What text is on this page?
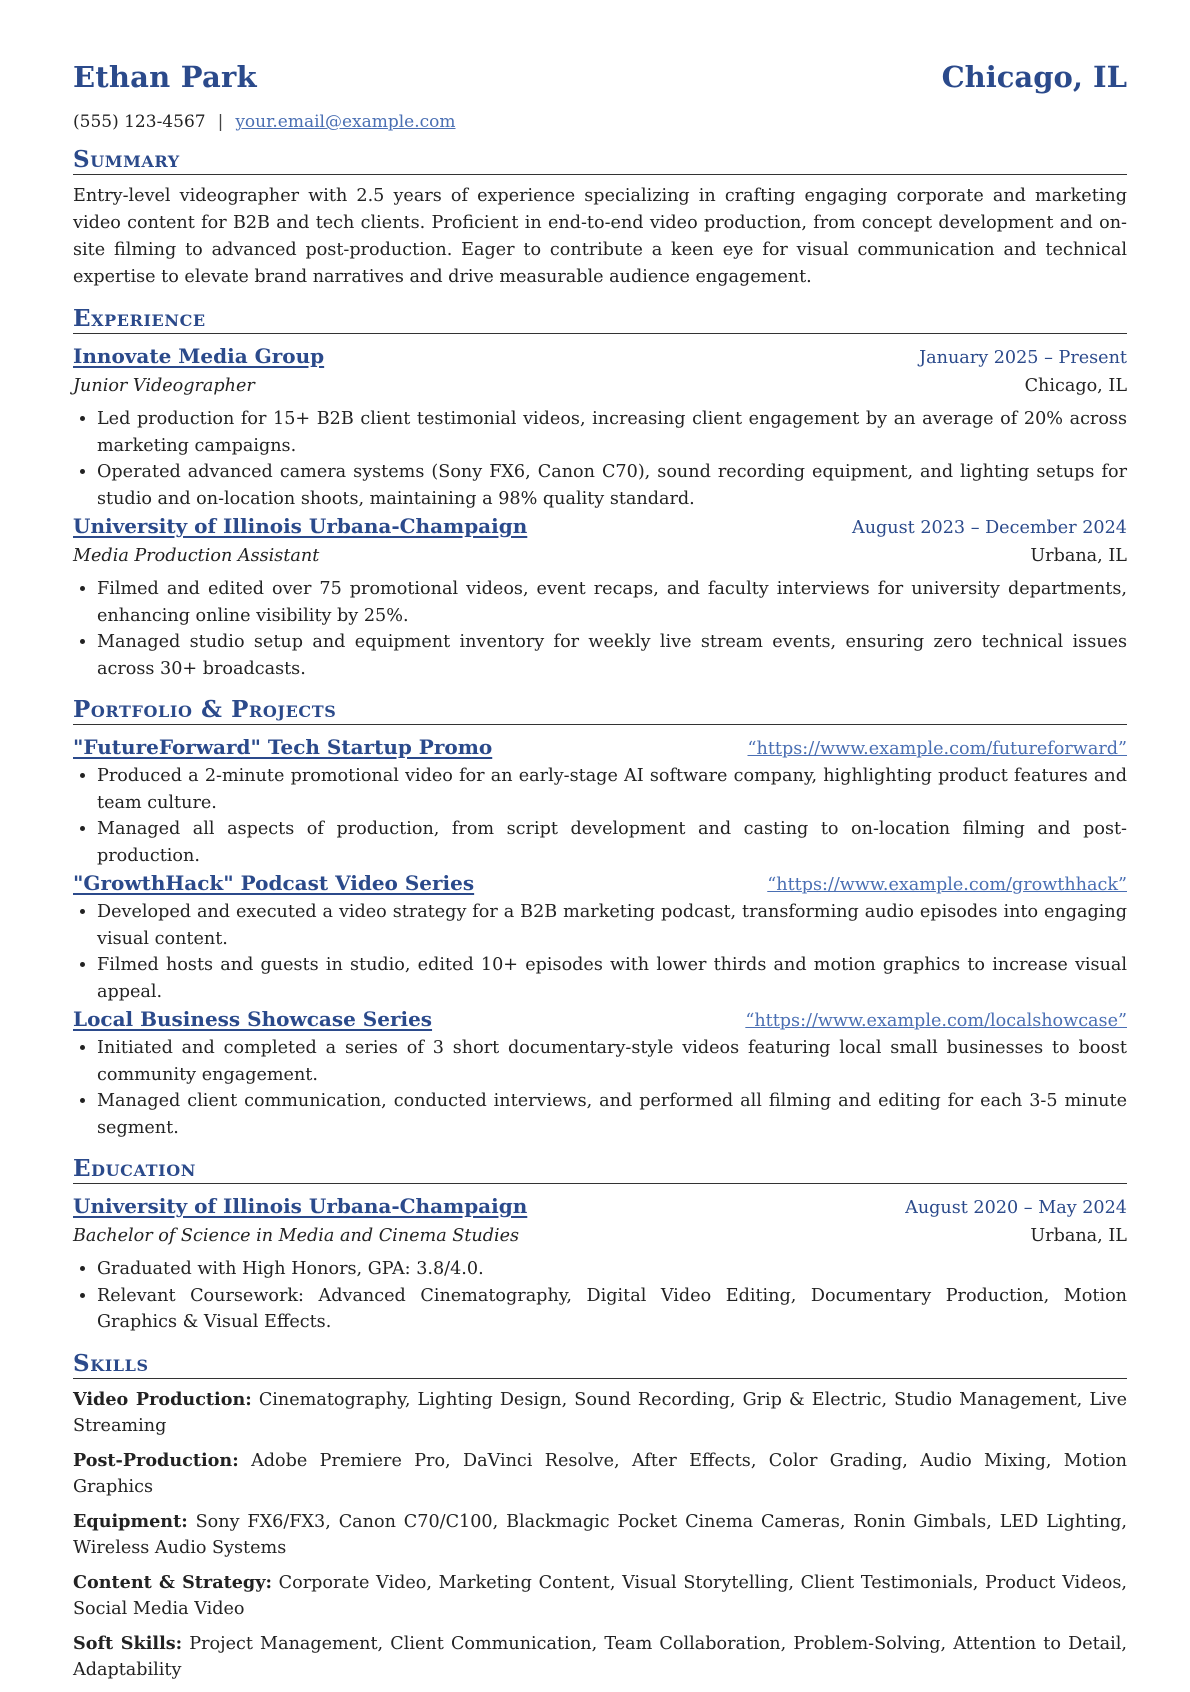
Ethan Park	Chicago, IL
(555) 123-4567 | your.email@example.com
Summary

Entry-level videographer with 2.5 years of experience specializing in crafting engaging corporate and marketing video content for B2B and tech clients. Proficient in end-to-end video production, from concept development and on-site filming to advanced post-production. Eager to contribute a keen eye for visual communication and technical expertise to elevate brand narratives and drive measurable audience engagement.

Experience
Innovate Media Group	January 2025 – Present
Junior Videographer	Chicago, IL
• Led production for 15+ B2B client testimonial videos, increasing client engagement by an average of 20% across marketing campaigns.
• Operated advanced camera systems (Sony FX6, Canon C70), sound recording equipment, and lighting setups for studio and on-location shoots, maintaining a 98% quality standard.
University of Illinois Urbana-Champaign	August 2023 – December 2024
Media Production Assistant	Urbana, IL
• Filmed and edited over 75 promotional videos, event recaps, and faculty interviews for university departments, enhancing online visibility by 25%.
• Managed studio setup and equipment inventory for weekly live stream events, ensuring zero technical issues across 30+ broadcasts.
Portfolio & Projects
"FutureForward" Tech Startup Promo	“https://www.example.com/futureforward”
• Produced a 2-minute promotional video for an early-stage AI software company, highlighting product features and team culture.
• Managed all aspects of production, from script development and casting to on-location filming and post-production.
"GrowthHack" Podcast Video Series	“https://www.example.com/growthhack”
• Developed and executed a video strategy for a B2B marketing podcast, transforming audio episodes into engaging visual content.
• Filmed hosts and guests in studio, edited 10+ episodes with lower thirds and motion graphics to increase visual appeal.
Local Business Showcase Series	“https://www.example.com/localshowcase”
• Initiated and completed a series of 3 short documentary-style videos featuring local small businesses to boost community engagement.
• Managed client communication, conducted interviews, and performed all filming and editing for each 3-5 minute segment.
Education
University of Illinois Urbana-Champaign	August 2020 – May 2024
Bachelor of Science in Media and Cinema Studies	Urbana, IL
• Graduated with High Honors, GPA: 3.8/4.0.
• Relevant Coursework: Advanced Cinematography, Digital Video Editing, Documentary Production, Motion Graphics & Visual Effects.
Skills

Video Production: Cinematography, Lighting Design, Sound Recording, Grip & Electric, Studio Management, Live Streaming

Post-Production: Adobe Premiere Pro, DaVinci Resolve, After Effects, Color Grading, Audio Mixing, Motion Graphics

Equipment: Sony FX6/FX3, Canon C70/C100, Blackmagic Pocket Cinema Cameras, Ronin Gimbals, LED Lighting, Wireless Audio Systems

Content & Strategy: Corporate Video, Marketing Content, Visual Storytelling, Client Testimonials, Product Videos, Social Media Video

Soft Skills: Project Management, Client Communication, Team Collaboration, Problem-Solving, Attention to Detail, Adaptability
